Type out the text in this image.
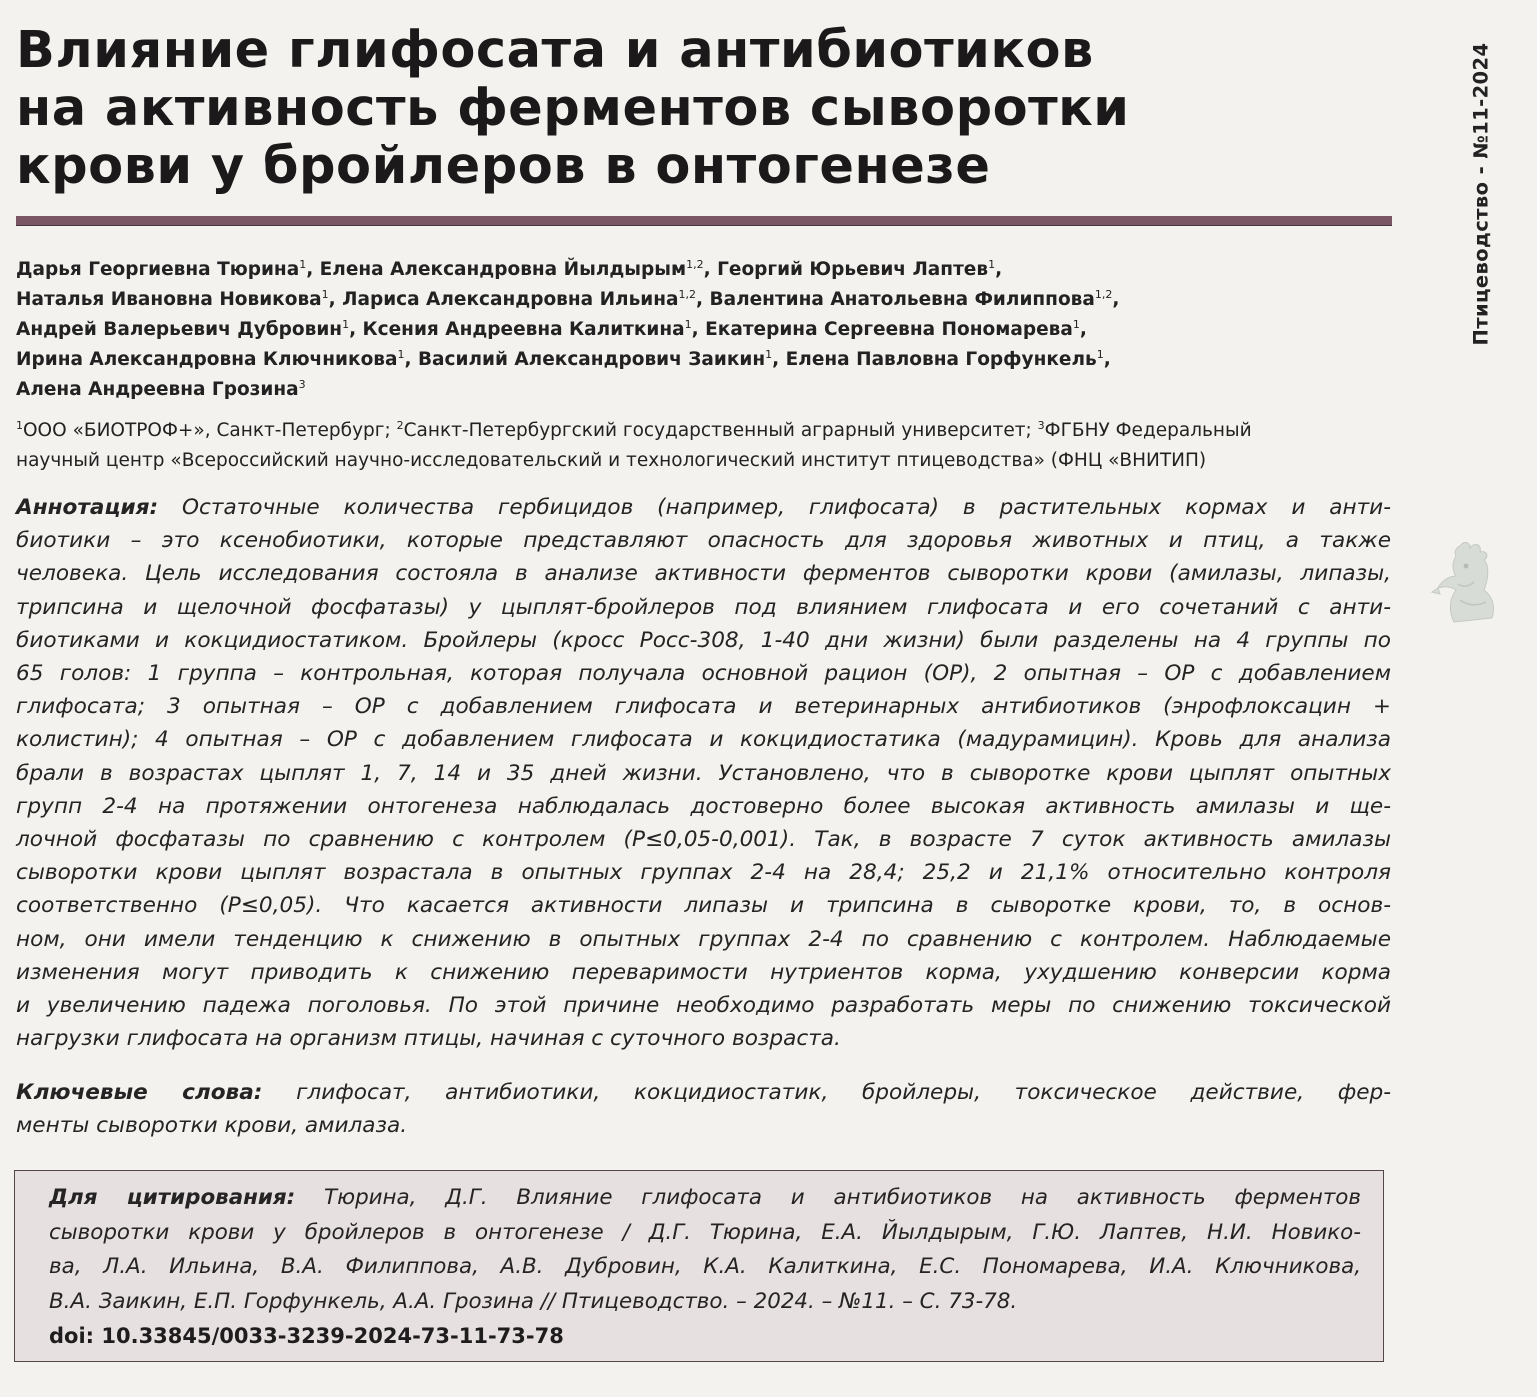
Влияние глифосата и антибиотиков
на активность ферментов сыворотки
крови у бройлеров в онтогенезе
Дарья Георгиевна Тюрина$^1$, Елена Александровна Йылдырым$^{1,2}$, Георгий Юрьевич Лаптев$^1$,
Наталья Ивановна Новикова$^1$, Лариса Александровна Ильина$^{1,2}$, Валентина Анатольевна Филиппова$^{1,2}$,
Андрей Валерьевич Дубровин$^1$, Ксения Андреевна Калиткина$^1$, Екатерина Сергеевна Пономарева$^1$,
Ирина Александровна Ключникова$^1$, Василий Александрович Заикин$^1$, Елена Павловна Горфункель$^1$,
Алена Андреевна Грозина$^3$
$^1$ООО «БИОТРОФ+», Санкт-Петербург; $^2$Санкт-Петербургский государственный аграрный университет; $^3$ФГБНУ Федеральный
научный центр «Всероссийский научно-исследовательский и технологический институт птицеводства» (ФНЦ «ВНИТИП)
Аннотация: Остаточные количества гербицидов (например, глифосата) в растительных кормах и анти-
биотики – это ксенобиотики, которые представляют опасность для здоровья животных и птиц, а также
человека. Цель исследования состояла в анализе активности ферментов сыворотки крови (амилазы, липазы,
трипсина и щелочной фосфатазы) у цыплят-бройлеров под влиянием глифосата и его сочетаний с анти-
биотиками и кокцидиостатиком. Бройлеры (кросс Росс-308, 1-40 дни жизни) были разделены на 4 группы по
65 голов: 1 группа – контрольная, которая получала основной рацион (ОР), 2 опытная – ОР с добавлением
глифосата; 3 опытная – ОР с добавлением глифосата и ветеринарных антибиотиков (энрофлоксацин +
колистин); 4 опытная – ОР с добавлением глифосата и кокцидиостатика (мадурамицин). Кровь для анализа
брали в возрастах цыплят 1, 7, 14 и 35 дней жизни. Установлено, что в сыворотке крови цыплят опытных
групп 2-4 на протяжении онтогенеза наблюдалась достоверно более высокая активность амилазы и ще-
лочной фосфатазы по сравнению с контролем (P≤0,05-0,001). Так, в возрасте 7 суток активность амилазы
сыворотки крови цыплят возрастала в опытных группах 2-4 на 28,4; 25,2 и 21,1% относительно контроля
соответственно (P≤0,05). Что касается активности липазы и трипсина в сыворотке крови, то, в основ-
ном, они имели тенденцию к снижению в опытных группах 2-4 по сравнению с контролем. Наблюдаемые
изменения могут приводить к снижению переваримости нутриентов корма, ухудшению конверсии корма
и увеличению падежа поголовья. По этой причине необходимо разработать меры по снижению токсической
нагрузки глифосата на организм птицы, начиная с суточного возраста.
Ключевые слова: глифосат, антибиотики, кокцидиостатик, бройлеры, токсическое действие, фер-
менты сыворотки крови, амилаза.
Для цитирования: Тюрина, Д.Г. Влияние глифосата и антибиотиков на активность ферментов
сыворотки крови у бройлеров в онтогенезе / Д.Г. Тюрина, Е.А. Йылдырым, Г.Ю. Лаптев, Н.И. Новико-
ва, Л.А. Ильина, В.А. Филиппова, А.В. Дубровин, К.А. Калиткина, Е.С. Пономарева, И.А. Ключникова,
В.А. Заикин, Е.П. Горфункель, А.А. Грозина // Птицеводство. – 2024. – №11. – С. 73-78.
doi: 10.33845/0033-3239-2024-73-11-73-78
Птицеводство - №11-2024
